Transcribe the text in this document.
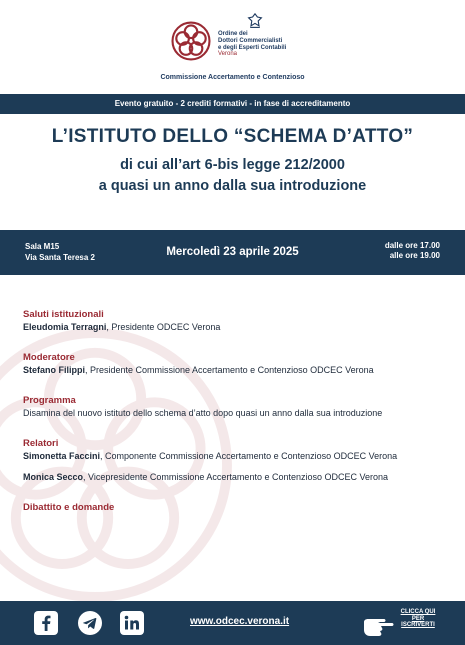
Ordine dei
Dottori Commercialisti
e degli Esperti Contabili
Verona
Commissione Accertamento e Contenzioso
Evento gratuito - 2 crediti formativi - in fase di accreditamento
L’ISTITUTO DELLO “SCHEMA D’ATTO”
di cui all’art 6-bis legge 212/2000
a quasi un anno dalla sua introduzione
Sala M15
Via Santa Teresa 2	Mercoledì 23 aprile 2025
dalle ore 17.00
alle ore 19.00
Saluti istituzionali
Eleudomia Terragni, Presidente ODCEC Verona
Moderatore
Stefano Filippi, Presidente Commissione Accertamento e Contenzioso ODCEC Verona
Programma
Disamina del nuovo istituto dello schema d’atto dopo quasi un anno dalla sua introduzione
Relatori
Simonetta Faccini, Componente Commissione Accertamento e Contenzioso ODCEC Verona
Monica Secco, Vicepresidente Commissione Accertamento e Contenzioso ODCEC Verona
Dibattito e domande
www.odcec.verona.it
CLICCA QUI
PER
ISCRIVERTI
